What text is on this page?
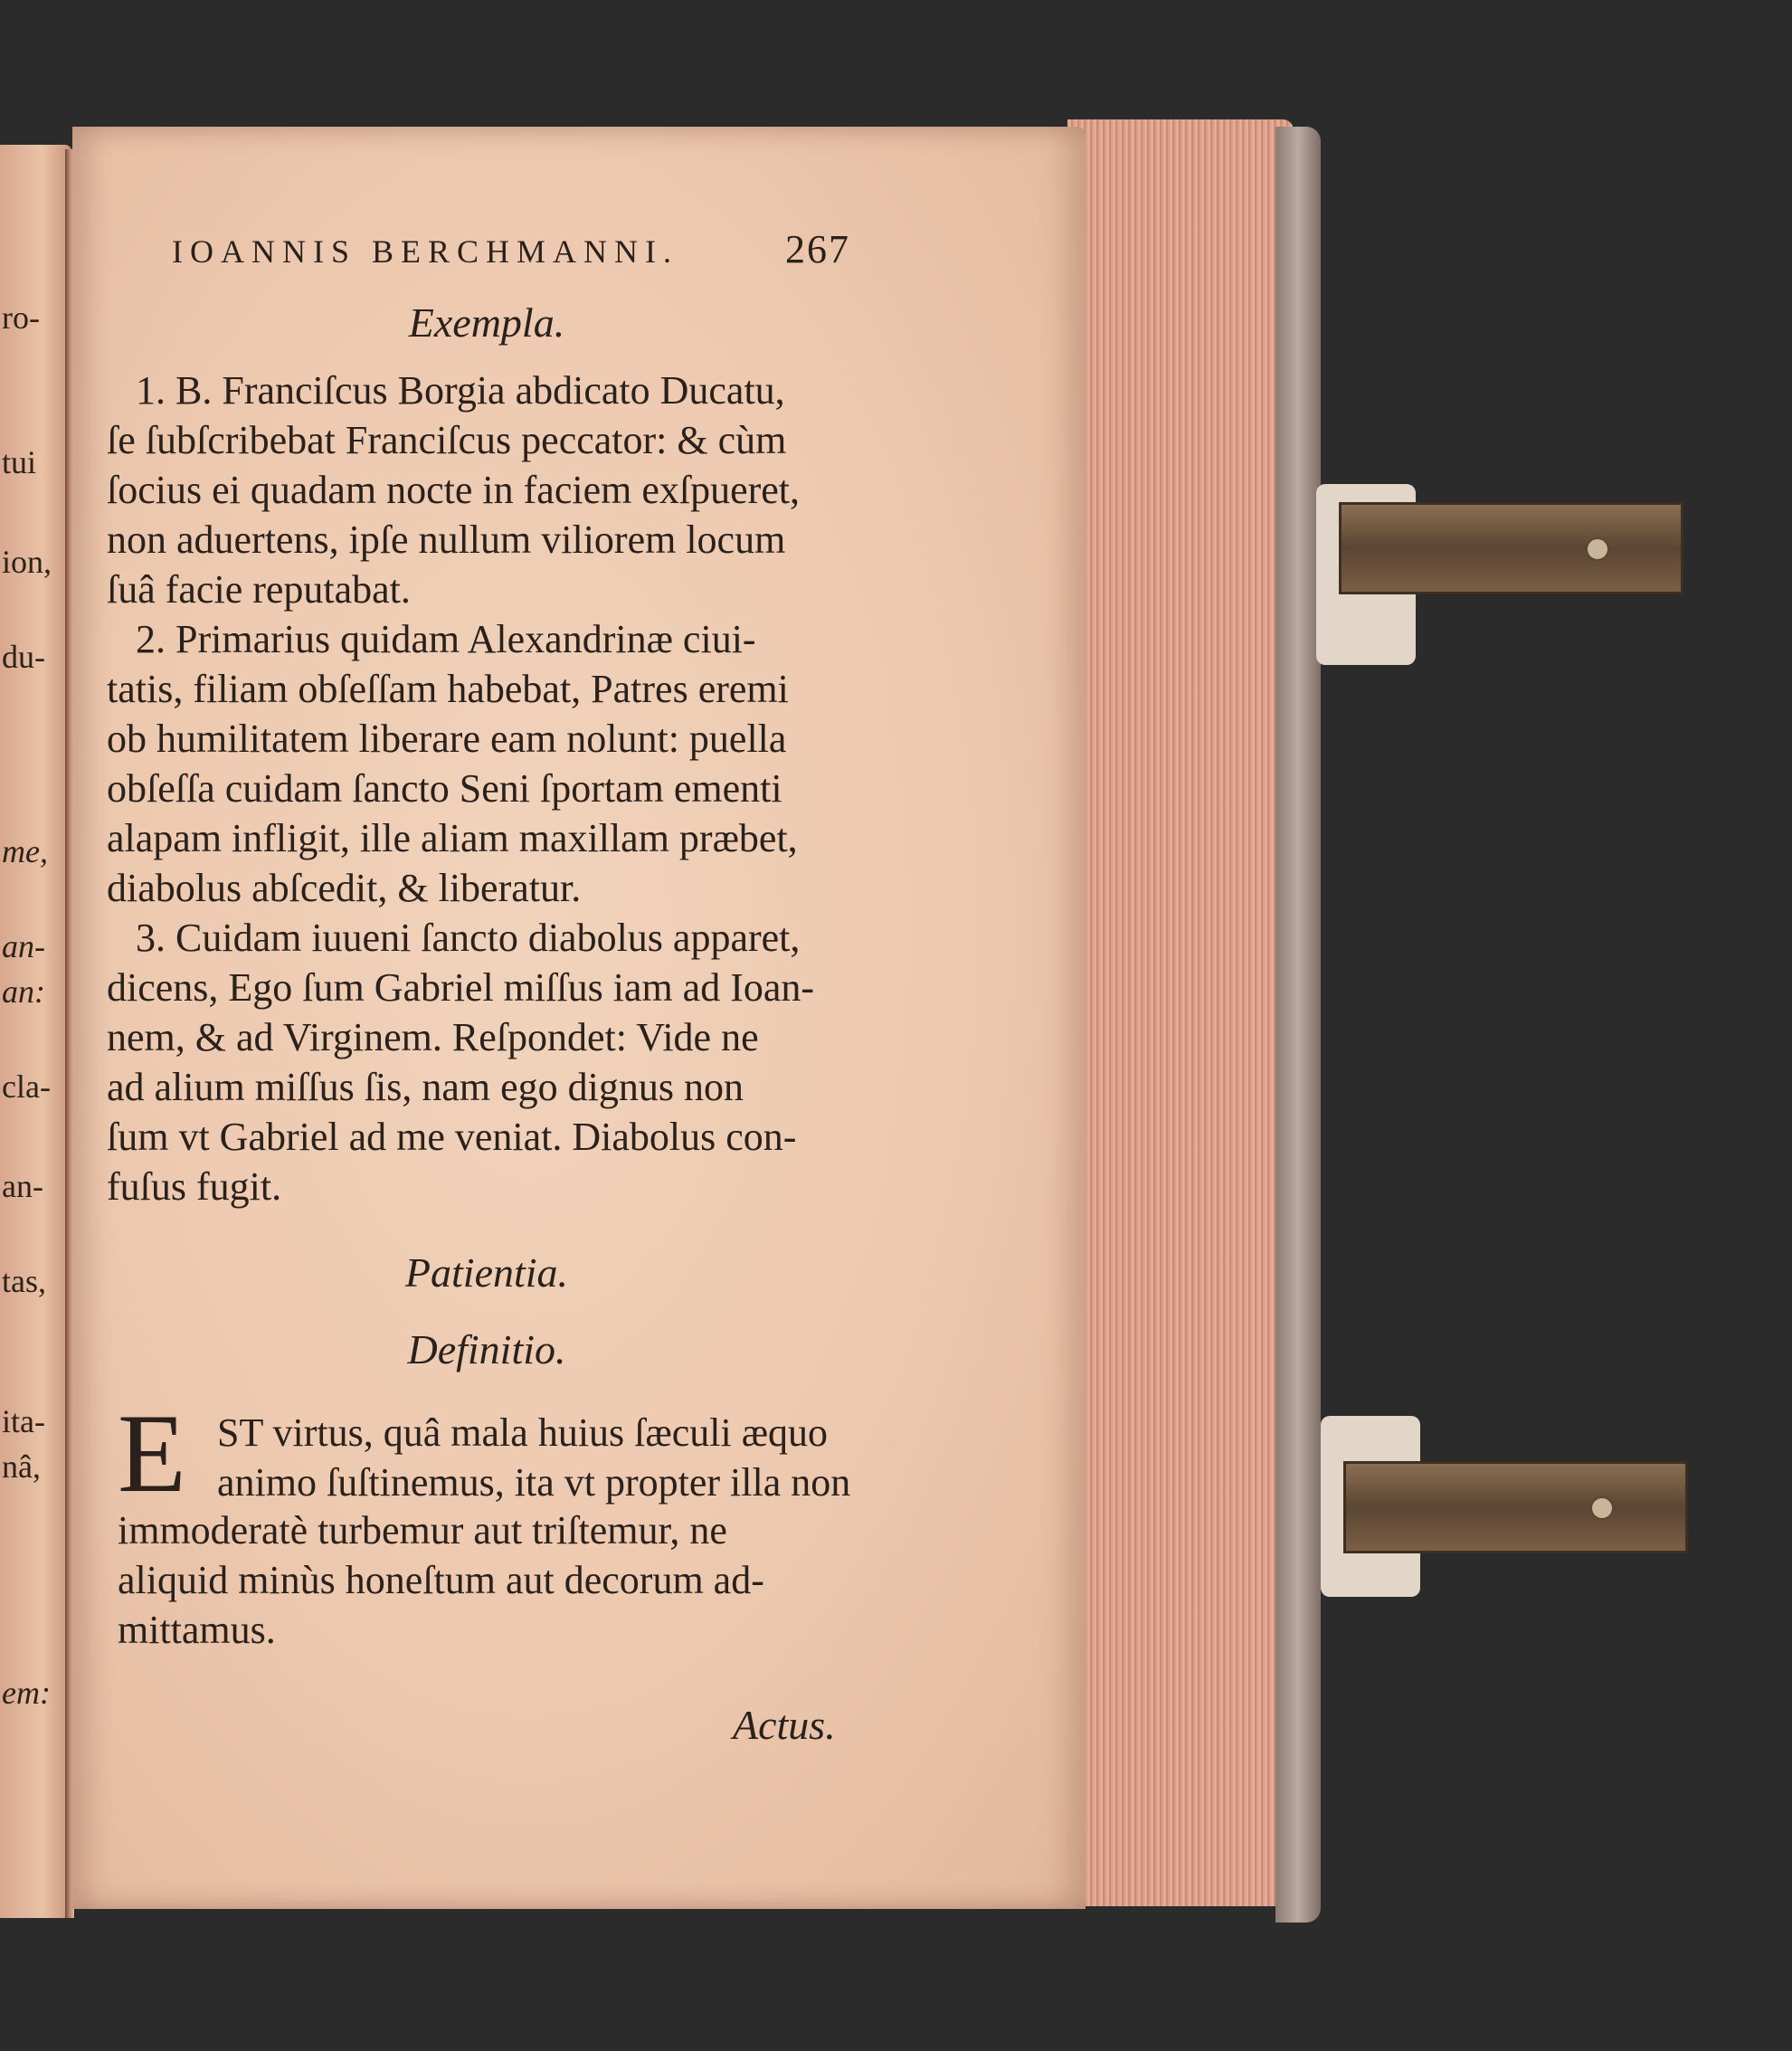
ro-
tui
ion,
du-
me,
an-
an:
cla-
an-
tas,
ita-
nâ,
em:
IOANNIS BERCHMANNI.	267
Exempla.
1. B. Franciſcus Borgia abdicato Ducatu,
ſe ſubſcribebat Franciſcus peccator: & cùm
ſocius ei quadam nocte in faciem exſpueret,
non aduertens, ipſe nullum viliorem locum
ſuâ facie reputabat.
2. Primarius quidam Alexandrinæ ciui-
tatis, filiam obſeſſam habebat, Patres eremi
ob humilitatem liberare eam nolunt: puella
obſeſſa cuidam ſancto Seni ſportam ementi
alapam infligit, ille aliam maxillam præbet,
diabolus abſcedit, & liberatur.
3. Cuidam iuueni ſancto diabolus apparet,
dicens, Ego ſum Gabriel miſſus iam ad Ioan-
nem, & ad Virginem. Reſpondet: Vide ne
ad alium miſſus ſis, nam ego dignus non
ſum vt Gabriel ad me veniat. Diabolus con-
fuſus fugit.
Patientia.
Definitio.
E ST virtus, quâ mala huius ſæculi æquo
animo ſuſtinemus, ita vt propter illa non
immoderatè turbemur aut triſtemur, ne
aliquid minùs honeſtum aut decorum ad-
mittamus.
Actus.
